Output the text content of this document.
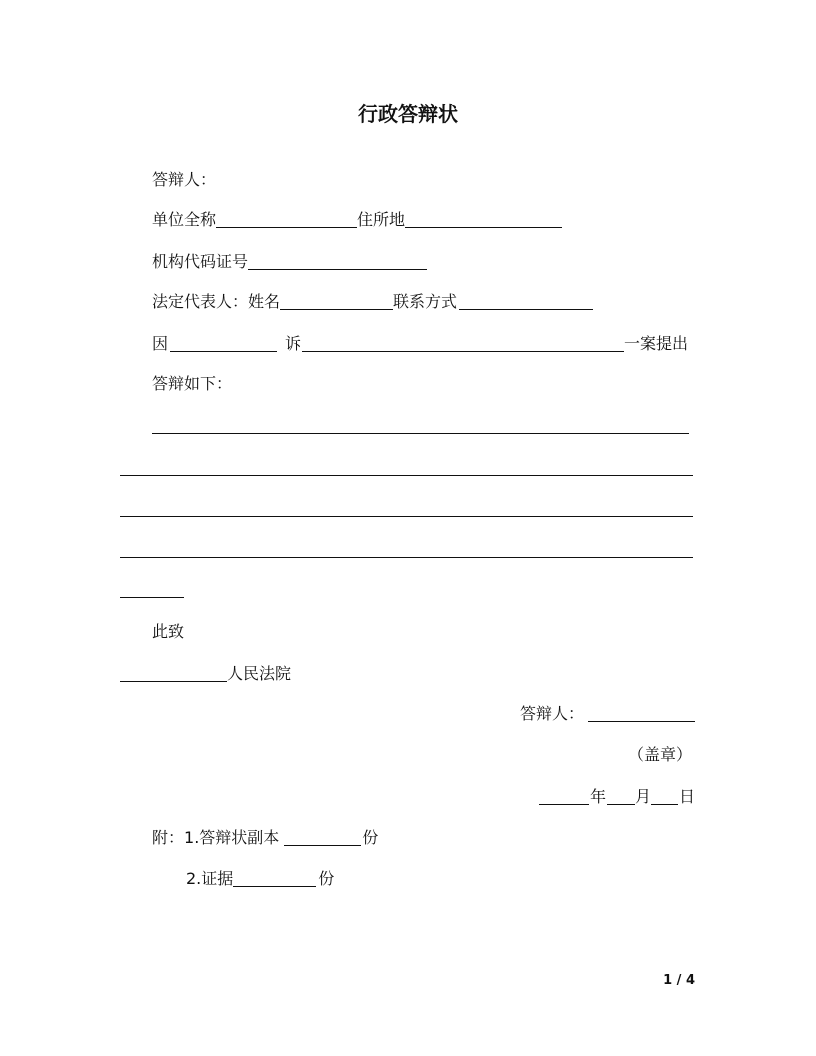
行政答辩状
答辩人：
单位全称	住所地
机构代码证号
法定代表人：姓名	联系方式
因	诉	一案提出
答辩如下：
此致
人民法院
答辩人：
（盖章）
年 月 日
附：1.答辩状副本	份
2.证据	份
1 / 4
